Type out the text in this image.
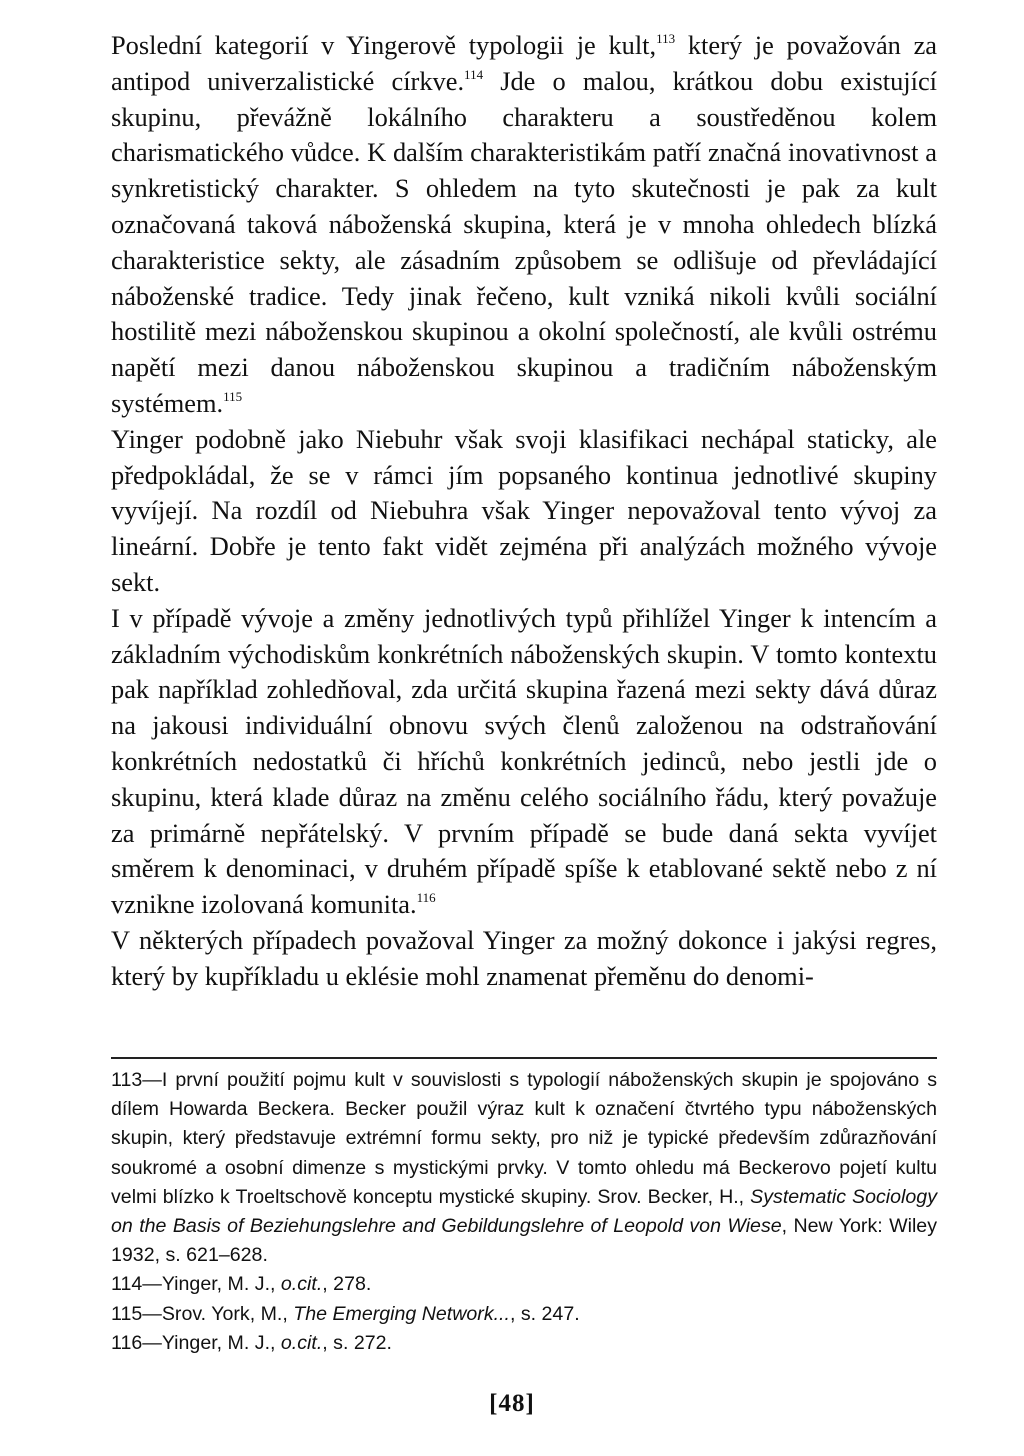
Poslední kategorií v Yingerově typologii je kult,$^{113}$ který je považován za antipod univerzalistické církve.$^{114}$ Jde o malou, krátkou dobu existující skupinu, převážně lokálního charakteru a soustředěnou kolem charismatického vůdce. K dalším charakteristikám patří značná inovativnost a synkretistický charakter. S ohledem na tyto skutečnosti je pak za kult označovaná taková náboženská skupina, která je v mnoha ohledech blízká charakteristice sekty, ale zásadním způsobem se odlišuje od převládající náboženské tradice. Tedy jinak řečeno, kult vzniká nikoli kvůli sociální hostilitě mezi náboženskou skupinou a okolní společností, ale kvůli ostrému napětí mezi danou náboženskou skupinou a tradičním náboženským systémem.$^{115}$

Yinger podobně jako Niebuhr však svoji klasifikaci nechápal staticky, ale předpokládal, že se v rámci jím popsaného kontinua jednotlivé skupiny vyvíjejí. Na rozdíl od Niebuhra však Yinger nepovažoval tento vývoj za lineární. Dobře je tento fakt vidět zejména při analýzách možného vývoje sekt.

I v případě vývoje a změny jednotlivých typů přihlížel Yinger k intencím a základním východiskům konkrétních náboženských skupin. V tomto kontextu pak například zohledňoval, zda určitá skupina řazená mezi sekty dává důraz na jakousi individuální obnovu svých členů založenou na odstraňování konkrétních nedostatků či hříchů konkrétních jedinců, nebo jestli jde o skupinu, která klade důraz na změnu celého sociálního řádu, který považuje za primárně nepřátelský. V prvním případě se bude daná sekta vyvíjet směrem k denominaci, v druhém případě spíše k etablované sektě nebo z ní vznikne izolovaná komunita.$^{116}$

V některých případech považoval Yinger za možný dokonce i jakýsi regres, který by kupříkladu u eklésie mohl znamenat přeměnu do denomi-

113—I první použití pojmu kult v souvislosti s typologií náboženských skupin je spojováno s dílem Howarda Beckera. Becker použil výraz kult k označení čtvrtého typu náboženských skupin, který představuje extrémní formu sekty, pro niž je typické především zdůrazňování soukromé a osobní dimenze s mystickými prvky. V tomto ohledu má Beckerovo pojetí kultu velmi blízko k Troeltschově konceptu mystické skupiny. Srov. Becker, H., Systematic Sociology on the Basis of Beziehungslehre and Gebildungslehre of Leopold von Wiese, New York: Wiley 1932, s. 621–628.

114—Yinger, M. J., o.cit., 278.

115—Srov. York, M., The Emerging Network..., s. 247.

116—Yinger, M. J., o.cit., s. 272.

[48]
